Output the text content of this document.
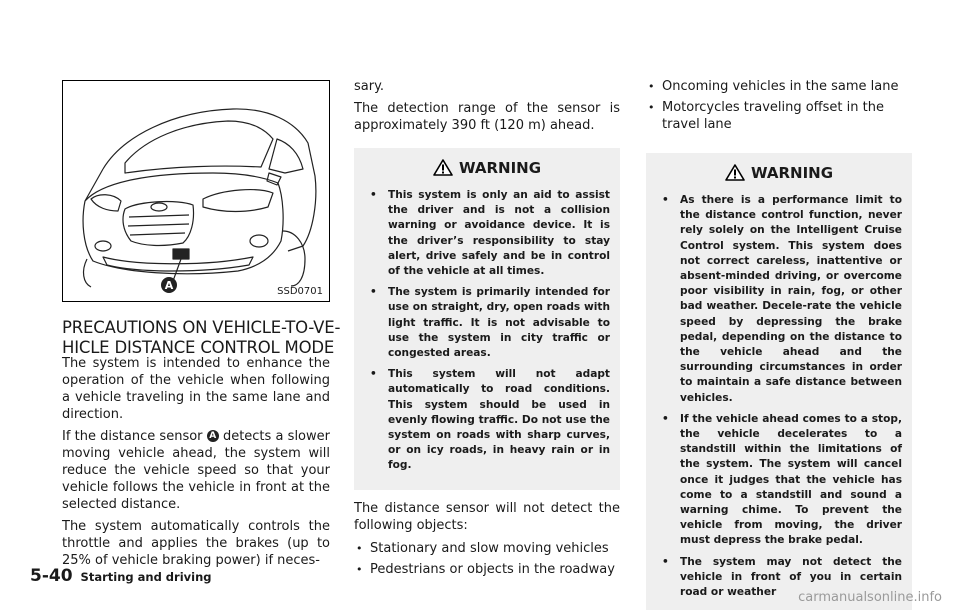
A	SSD0701
PRECAUTIONS ON VEHICLE-TO-VE-
HICLE DISTANCE CONTROL MODE

The system is intended to enhance the operation of the vehicle when following a vehicle traveling in the same lane and direction.

If the distance sensor A detects a slower moving vehicle ahead, the system will reduce the vehicle speed so that your vehicle follows the vehicle in front at the selected distance.

The system automatically controls the throttle and applies the brakes (up to 25% of vehicle braking power) if neces-

sary.

The detection range of the sensor is approximately 390 ft (120 m) ahead.

WARNING
• This system is only an aid to assist the driver and is not a collision warning or avoidance device. It is the driver’s responsibility to stay alert, drive safely and be in control of the vehicle at all times.
• The system is primarily intended for use on straight, dry, open roads with light traffic. It is not advisable to use the system in city traffic or congested areas.
• This system will not adapt automatically to road conditions. This system should be used in evenly flowing traffic. Do not use the system on roads with sharp curves, or on icy roads, in heavy rain or in fog.

The distance sensor will not detect the following objects:

• Stationary and slow moving vehicles
• Pedestrians or objects in the roadway
• Oncoming vehicles in the same lane
• Motorcycles traveling offset in the travel lane
WARNING
• As there is a performance limit to the distance control function, never rely solely on the Intelligent Cruise Control system. This system does not correct careless, inattentive or absent-minded driving, or overcome poor visibility in rain, fog, or other bad weather. Decele-rate the vehicle speed by depressing the brake pedal, depending on the distance to the vehicle ahead and the surrounding circumstances in order to maintain a safe distance between vehicles.
• If the vehicle ahead comes to a stop, the vehicle decelerates to a standstill within the limitations of the system. The system will cancel once it judges that the vehicle has come to a standstill and sound a warning chime. To prevent the vehicle from moving, the driver must depress the brake pedal.
• The system may not detect the vehicle in front of you in certain road or weather
5-40 Starting and driving
carmanualsonline.info
